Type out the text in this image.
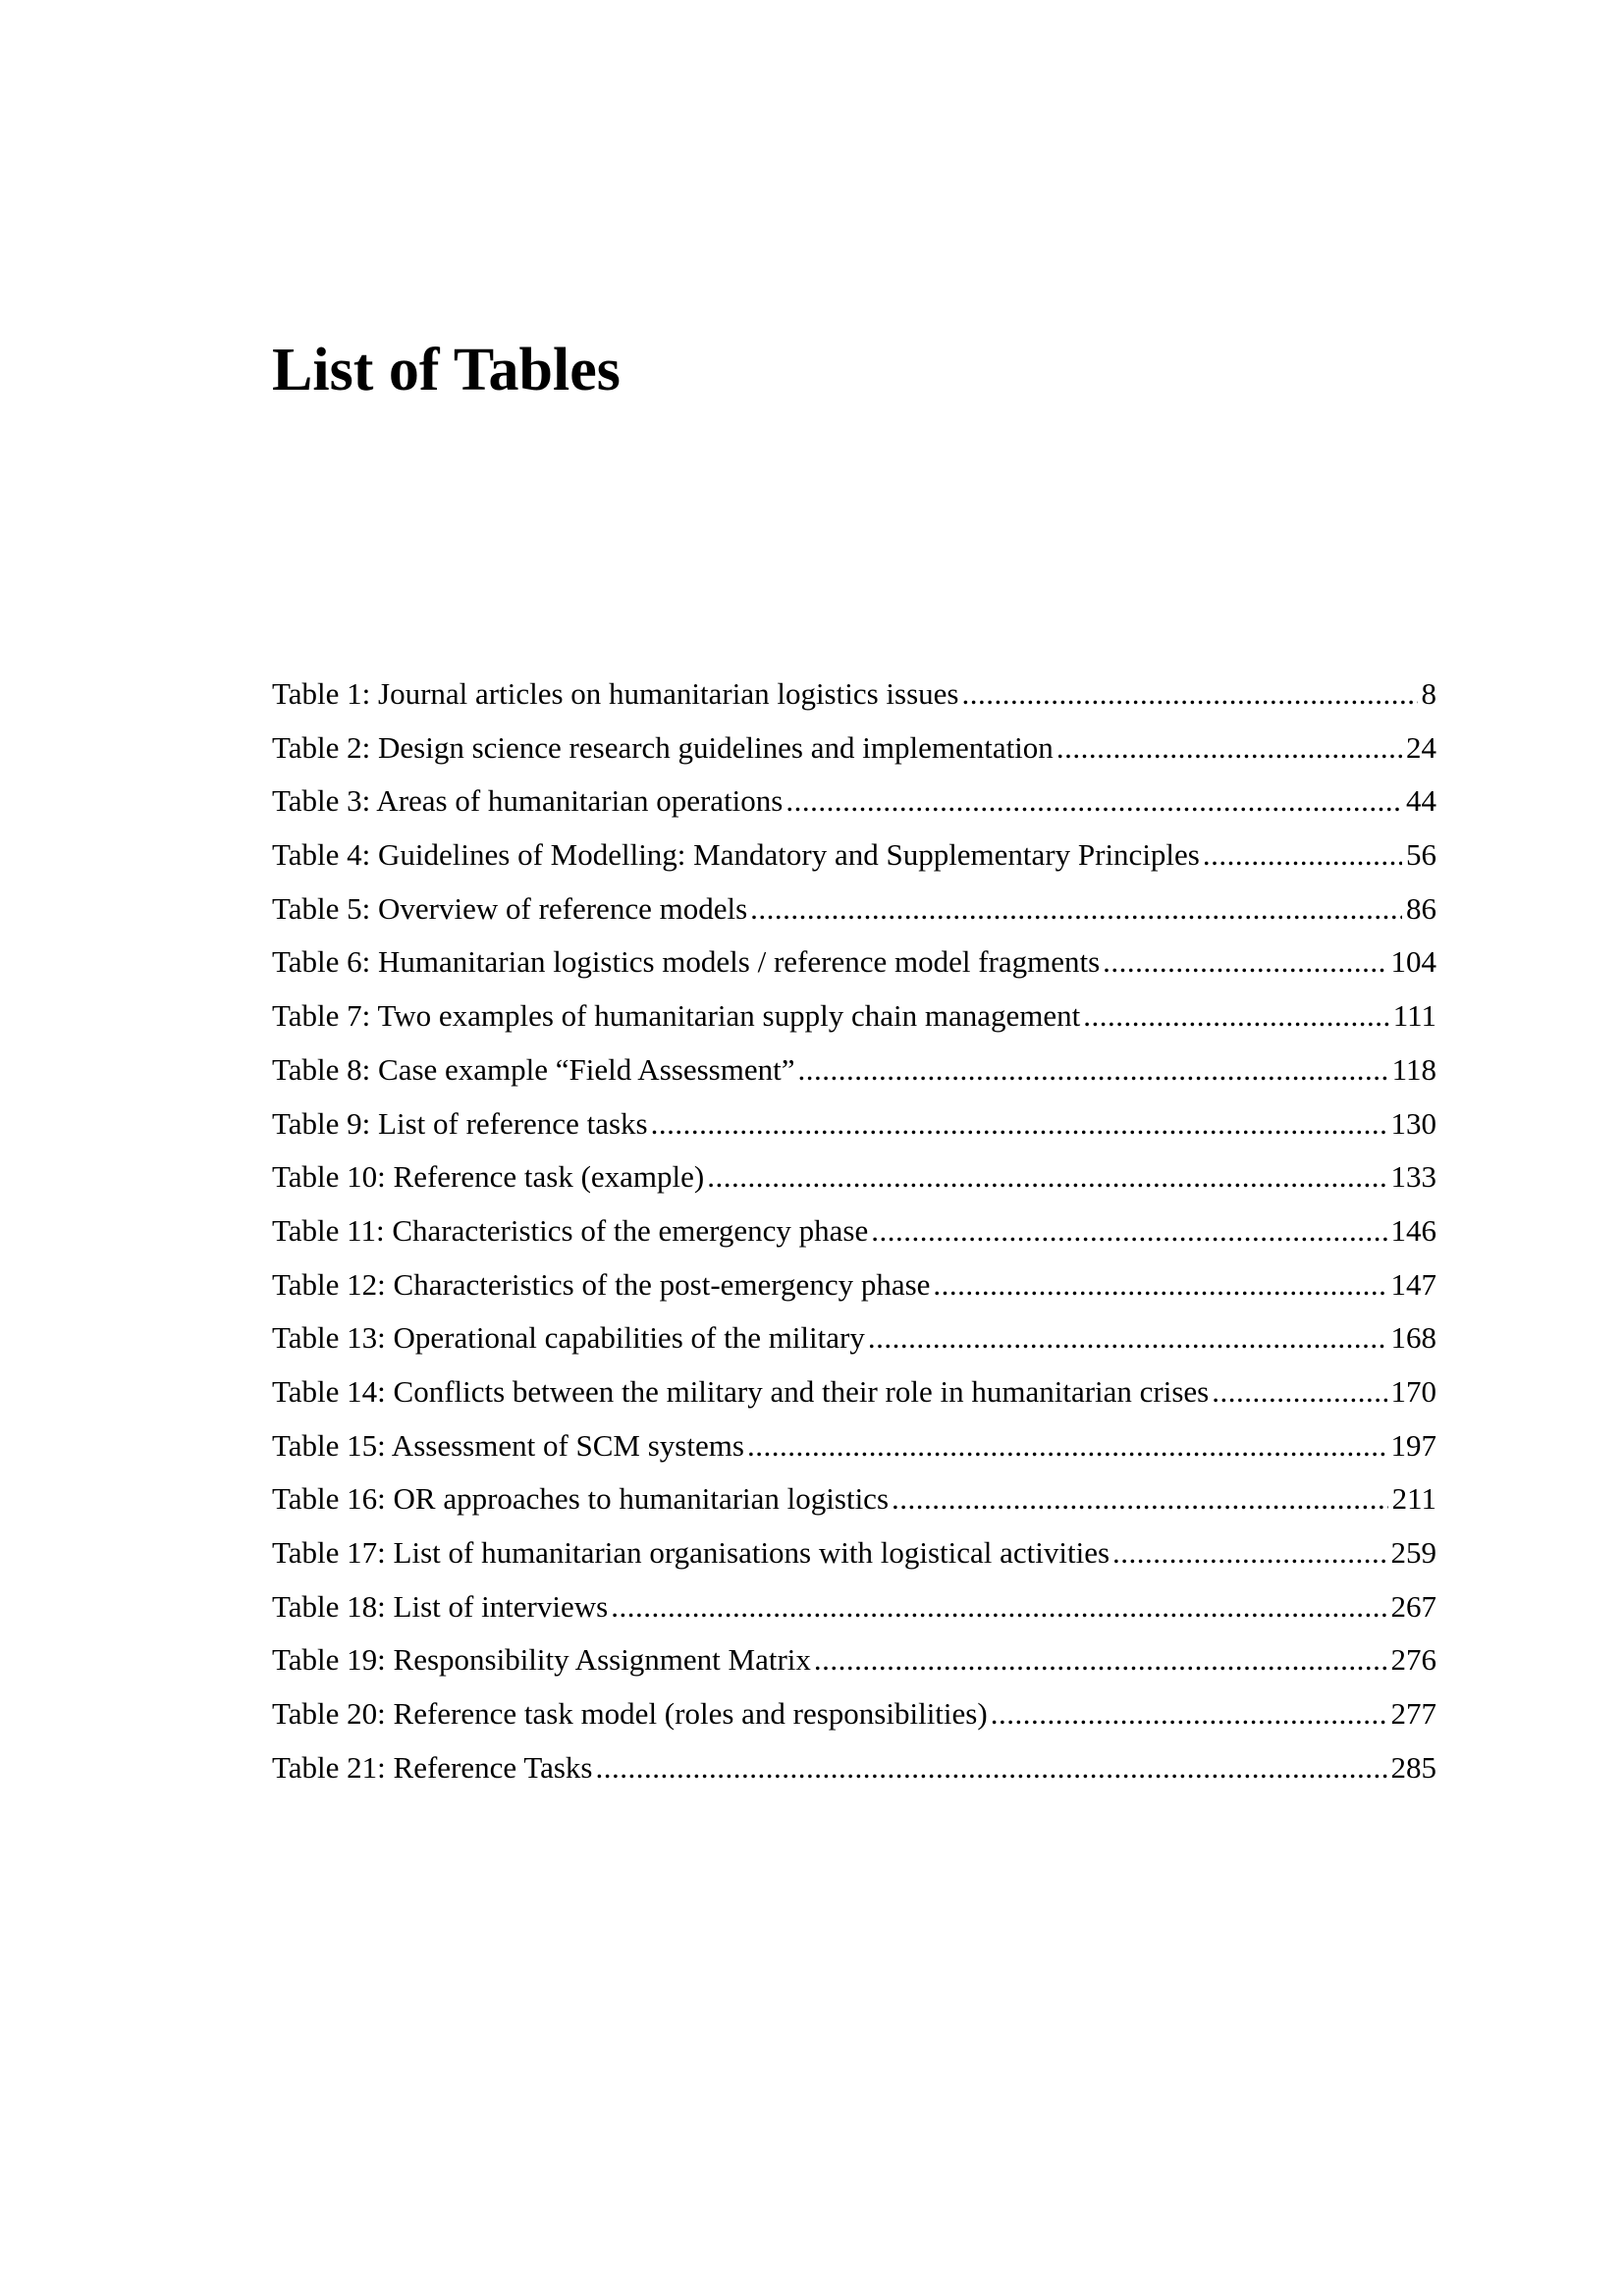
List of Tables
Table 1: Journal articles on humanitarian logistics issues .....	8
Table 2: Design science research guidelines and implementation .....	24
Table 3: Areas of humanitarian operations .....	44
Table 4: Guidelines of Modelling: Mandatory and Supplementary Principles .....	56
Table 5: Overview of reference models .....	86
Table 6: Humanitarian logistics models / reference model fragments .....	104
Table 7: Two examples of humanitarian supply chain management .....	111
Table 8: Case example “Field Assessment” .....	118
Table 9: List of reference tasks .....	130
Table 10: Reference task (example) .....	133
Table 11: Characteristics of the emergency phase .....	146
Table 12: Characteristics of the post-emergency phase .....	147
Table 13: Operational capabilities of the military .....	168
Table 14: Conflicts between the military and their role in humanitarian crises .....	170
Table 15: Assessment of SCM systems .....	197
Table 16: OR approaches to humanitarian logistics .....	211
Table 17: List of humanitarian organisations with logistical activities .....	259
Table 18: List of interviews .....	267
Table 19: Responsibility Assignment Matrix .....	276
Table 20: Reference task model (roles and responsibilities) .....	277
Table 21: Reference Tasks .....	285
